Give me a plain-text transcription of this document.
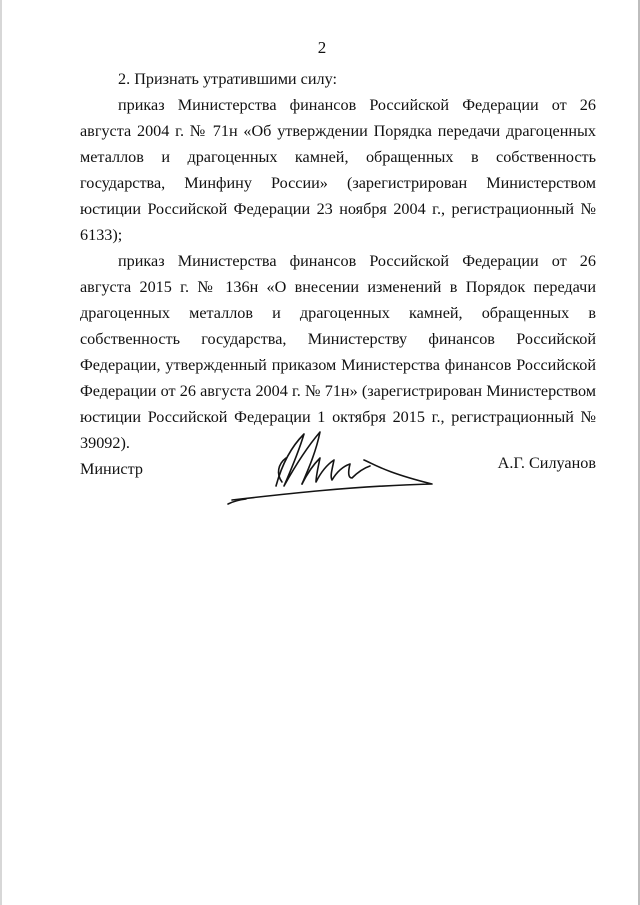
2

2. Признать утратившими силу:

приказ Министерства финансов Российской Федерации от 26 августа 2004 г. № 71н «Об утверждении Порядка передачи драгоценных металлов и драгоценных камней, обращенных в собственность государства, Минфину России» (зарегистрирован Министерством юстиции Российской Федерации 23 ноября 2004 г., регистрационный № 6133);

приказ Министерства финансов Российской Федерации от 26 августа 2015 г. № 136н «О внесении изменений в Порядок передачи драгоценных металлов и драгоценных камней, обращенных в собственность государства, Министерству финансов Российской Федерации, утвержденный приказом Министерства финансов Российской Федерации от 26 августа 2004 г. № 71н» (зарегистрирован Министерством юстиции Российской Федерации 1 октября 2015 г., регистрационный № 39092).

Министр	А.Г. Силуанов
